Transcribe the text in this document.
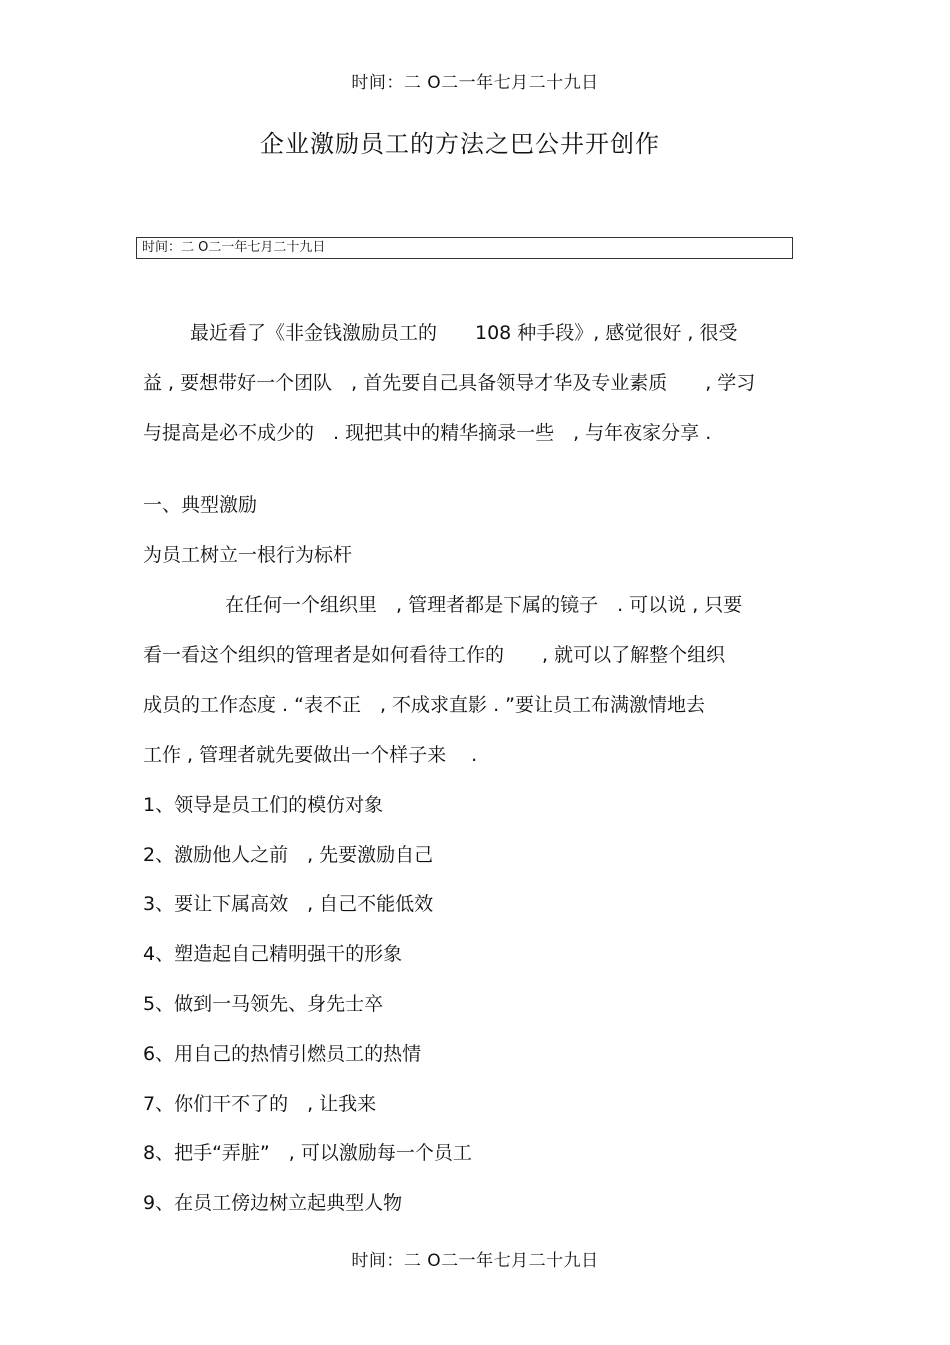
时间：二 O二一年七月二十九日
企业激励员工的方法之巴公井开创作
时间：二 O二一年七月二十九日
最近看了《非金钱激励员工的　　108 种手段》, 感觉很好 , 很受
益 , 要想带好一个团队　, 首先要自己具备领导才华及专业素质　　, 学习
与提高是必不成少的　. 现把其中的精华摘录一些　, 与年夜家分享 .
一、典型激励
为员工树立一根行为标杆
在任何一个组织里　, 管理者都是下属的镜子　. 可以说 , 只要
看一看这个组织的管理者是如何看待工作的　　, 就可以了解整个组织
成员的工作态度 . “表不正　, 不成求直影 . ”要让员工布满激情地去
工作 , 管理者就先要做出一个样子来　 .
1、领导是员工们的模仿对象
2、激励他人之前　, 先要激励自己
3、要让下属高效　, 自己不能低效
4、塑造起自己精明强干的形象
5、做到一马领先、身先士卒
6、用自己的热情引燃员工的热情
7、你们干不了的　, 让我来
8、把手“弄脏”　, 可以激励每一个员工
9、在员工傍边树立起典型人物
时间：二 O二一年七月二十九日
